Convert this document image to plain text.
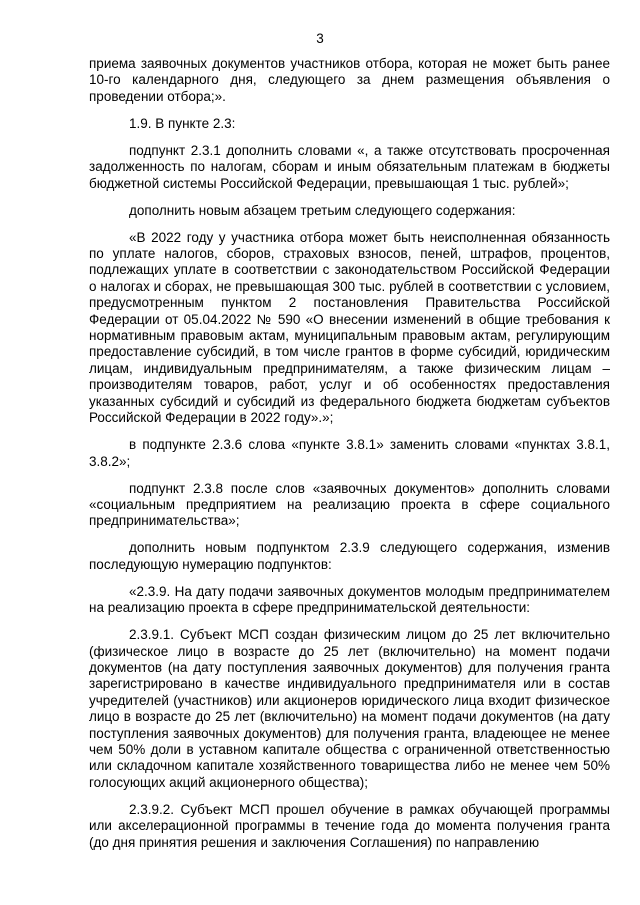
3

приема заявочных документов участников отбора, которая не может быть ранее 10-го календарного дня, следующего за днем размещения объявления о проведении отбора;».

1.9. В пункте 2.3:

подпункт 2.3.1 дополнить словами «, а также отсутствовать просроченная задолженность по налогам, сборам и иным обязательным платежам в бюджеты бюджетной системы Российской Федерации, превышающая 1 тыс. рублей»;

дополнить новым абзацем третьим следующего содержания:

«В 2022 году у участника отбора может быть неисполненная обязанность по уплате налогов, сборов, страховых взносов, пеней, штрафов, процентов, подлежащих уплате в соответствии с законодательством Российской Федерации о налогах и сборах, не превышающая 300 тыс. рублей в соответствии с условием, предусмотренным пунктом 2 постановления Правительства Российской Федерации от 05.04.2022 № 590 «О внесении изменений в общие требования к нормативным правовым актам, муниципальным правовым актам, регулирующим предоставление субсидий, в том числе грантов в форме субсидий, юридическим лицам, индивидуальным предпринимателям, а также физическим лицам – производителям товаров, работ, услуг и об особенностях предоставления указанных субсидий и субсидий из федерального бюджета бюджетам субъектов Российской Федерации в 2022 году».»;

в подпункте 2.3.6 слова «пункте 3.8.1» заменить словами «пунктах 3.8.1, 3.8.2»;

подпункт 2.3.8 после слов «заявочных документов» дополнить словами «социальным предприятием на реализацию проекта в сфере социального предпринимательства»;

дополнить новым подпунктом 2.3.9 следующего содержания, изменив последующую нумерацию подпунктов:

«2.3.9. На дату подачи заявочных документов молодым предпринимателем на реализацию проекта в сфере предпринимательской деятельности:

2.3.9.1. Субъект МСП создан физическим лицом до 25 лет включительно (физическое лицо в возрасте до 25 лет (включительно) на момент подачи документов (на дату поступления заявочных документов) для получения гранта зарегистрировано в качестве индивидуального предпринимателя или в состав учредителей (участников) или акционеров юридического лица входит физическое лицо в возрасте до 25 лет (включительно) на момент подачи документов (на дату поступления заявочных документов) для получения гранта, владеющее не менее чем 50% доли в уставном капитале общества с ограниченной ответственностью или складочном капитале хозяйственного товарищества либо не менее чем 50% голосующих акций акционерного общества);

2.3.9.2. Субъект МСП прошел обучение в рамках обучающей программы или акселерационной программы в течение года до момента получения гранта (до дня принятия решения и заключения Соглашения) по направлению
